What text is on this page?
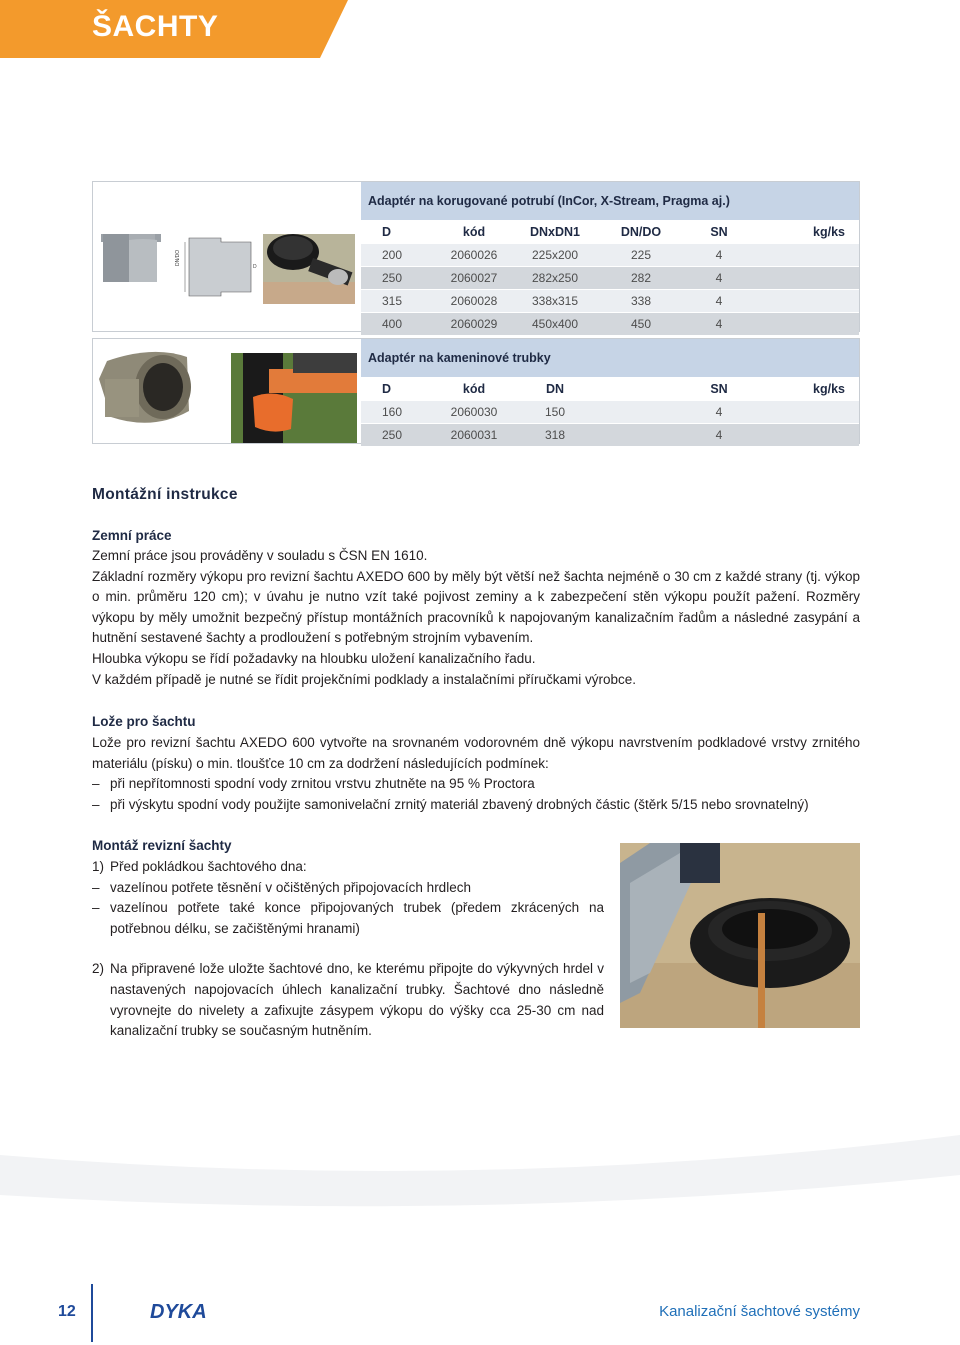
ŠACHTY
DN/DO
D
Adaptér na korugované potrubí (InCor, X-Stream, Pragma aj.)
D	kód	DNxDN1	DN/DO	SN	kg/ks
200	2060026	225x200	225	4
250	2060027	282x250	282	4
315	2060028	338x315	338	4
400	2060029	450x400	450	4
Adaptér na kameninové trubky
D	kód	DN	SN	kg/ks
160	2060030	150	4
250	2060031	318	4
Montážní instrukce
Zemní práce

Zemní práce jsou prováděny v souladu s ČSN EN 1610.

Základní rozměry výkopu pro revizní šachtu AXEDO 600 by měly být větší než šachta nejméně o 30 cm z každé strany (tj. výkop o min. průměru 120 cm); v úvahu je nutno vzít také pojivost zeminy a k zabezpečení stěn výkopu použít pažení. Rozměry výkopu by měly umožnit bezpečný přístup montážních pracovníků k napojovaným kanalizačním řadům a následné zasypání a hutnění sestavené šachty a prodloužení s potřebným strojním vybavením.

Hloubka výkopu se řídí požadavky na hloubku uložení kanalizačního řadu.

V každém případě je nutné se řídit projekčními podklady a instalačními příručkami výrobce.

Lože pro šachtu

Lože pro revizní šachtu AXEDO 600 vytvořte na srovnaném vodorovném dně výkopu navrstvením podkladové vrstvy zrnitého materiálu (písku) o min. tloušťce 10 cm za dodržení následujících podmínek:

– při nepřítomnosti spodní vody zrnitou vrstvu zhutněte na 95 % Proctora

– při výskytu spodní vody použijte samonivelační zrnitý materiál zbavený drobných částic (štěrk 5/15 nebo srovnatelný)

Montáž revizní šachty

1) Před pokládkou šachtového dna:

– vazelínou potřete těsnění v očištěných připojovacích hrdlech

– vazelínou potřete také konce připojovaných trubek (předem zkrácených na potřebnou délku, se začištěnými hranami)

2) Na připravené lože uložte šachtové dno, ke kterému připojte do výkyvných hrdel v nastavených napojovacích úhlech kanalizační trubky. Šachtové dno následně vyrovnejte do nivelety a zafixujte zásypem výkopu do výšky cca 25-30 cm nad kanalizační trubky se současným hutněním.

12	DYKA	Kanalizační šachtové systémy
